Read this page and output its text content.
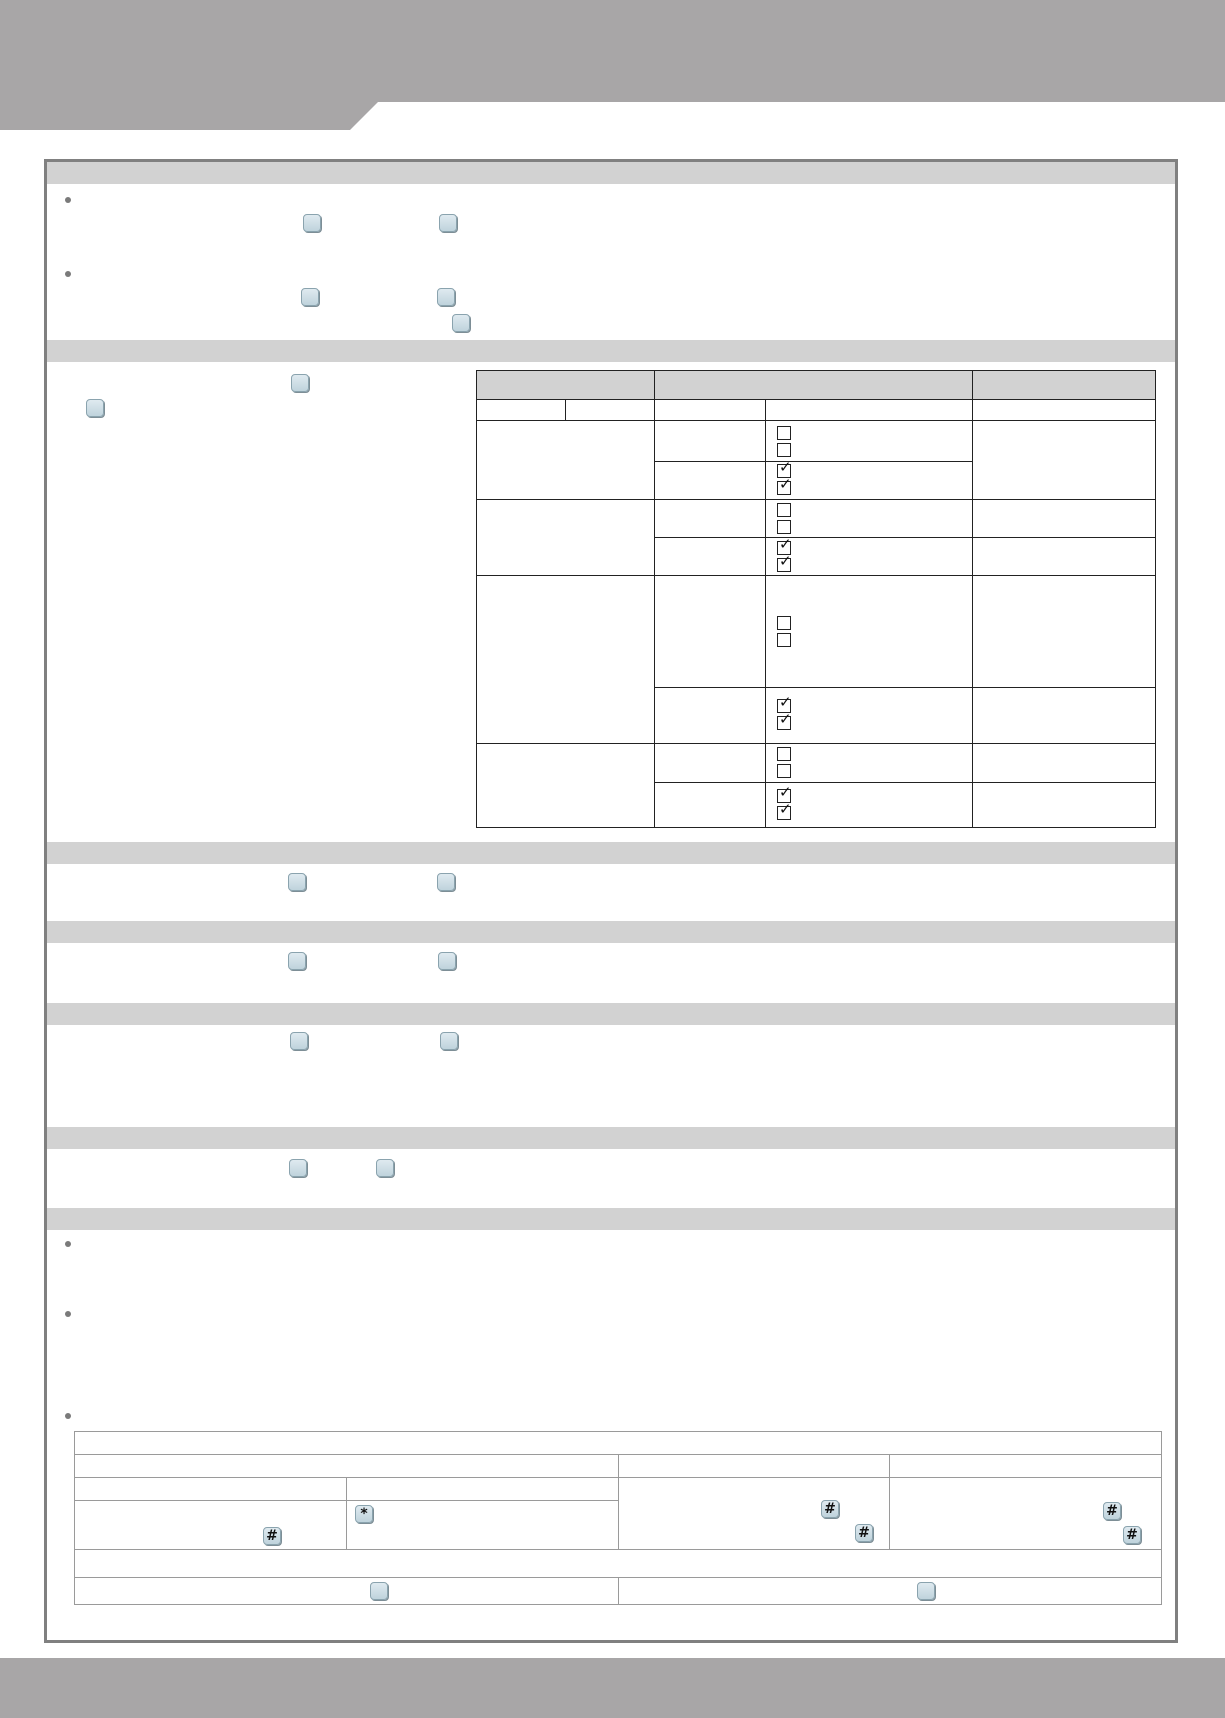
✓
✓
✓
✓
✓
✓
✓
✓
#
*	#
#
#
#
